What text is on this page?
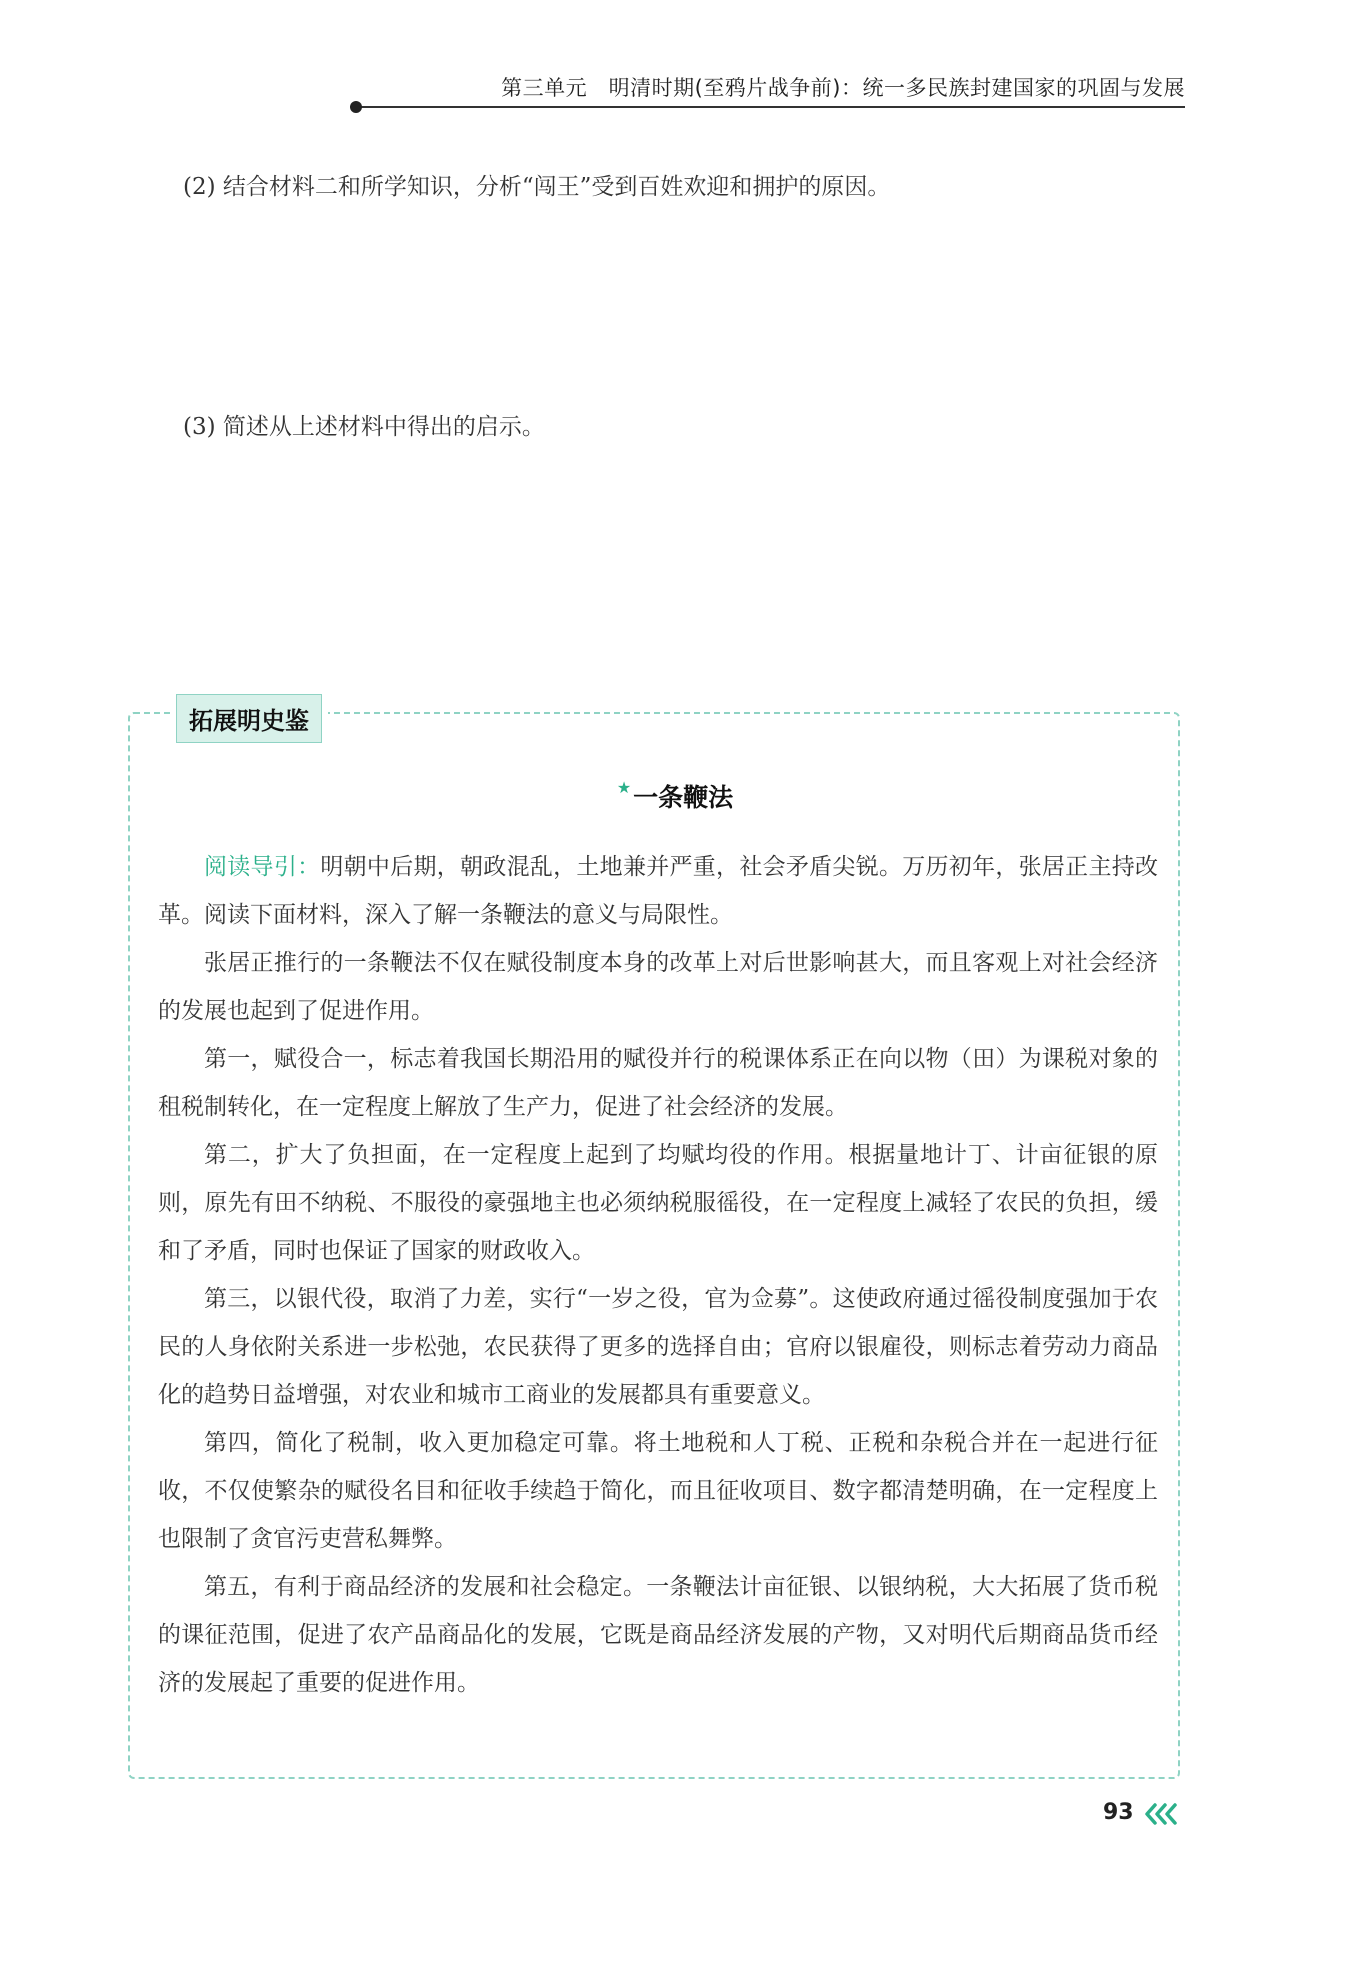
第三单元　明清时期(至鸦片战争前)：统一多民族封建国家的巩固与发展
(2) 结合材料二和所学知识，分析“闯王”受到百姓欢迎和拥护的原因。
(3) 简述从上述材料中得出的启示。
拓展明史鉴
★一条鞭法

阅读导引：明朝中后期，朝政混乱，土地兼并严重，社会矛盾尖锐。万历初年，张居正主持改革。阅读下面材料，深入了解一条鞭法的意义与局限性。

张居正推行的一条鞭法不仅在赋役制度本身的改革上对后世影响甚大，而且客观上对社会经济的发展也起到了促进作用。

第一，赋役合一，标志着我国长期沿用的赋役并行的税课体系正在向以物（田）为课税对象的租税制转化，在一定程度上解放了生产力，促进了社会经济的发展。

第二，扩大了负担面，在一定程度上起到了均赋均役的作用。根据量地计丁、计亩征银的原则，原先有田不纳税、不服役的豪强地主也必须纳税服徭役，在一定程度上减轻了农民的负担，缓和了矛盾，同时也保证了国家的财政收入。

第三，以银代役，取消了力差，实行“一岁之役，官为佥募”。这使政府通过徭役制度强加于农民的人身依附关系进一步松弛，农民获得了更多的选择自由；官府以银雇役，则标志着劳动力商品化的趋势日益增强，对农业和城市工商业的发展都具有重要意义。

第四，简化了税制，收入更加稳定可靠。将土地税和人丁税、正税和杂税合并在一起进行征收，不仅使繁杂的赋役名目和征收手续趋于简化，而且征收项目、数字都清楚明确，在一定程度上也限制了贪官污吏营私舞弊。

第五，有利于商品经济的发展和社会稳定。一条鞭法计亩征银、以银纳税，大大拓展了货币税的课征范围，促进了农产品商品化的发展，它既是商品经济发展的产物，又对明代后期商品货币经济的发展起了重要的促进作用。

93
